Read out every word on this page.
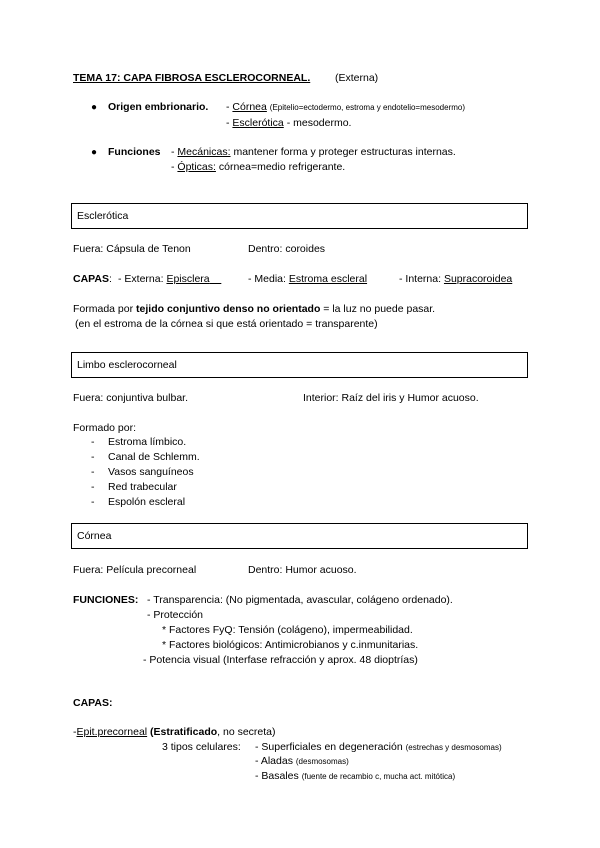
TEMA 17: CAPA FIBROSA ESCLEROCORNEAL. (Externa)
● Origen embrionario. - Córnea (Epitelio=ectodermo, estroma y endotelio=mesodermo)
- Esclerótica - mesodermo.
● Funciones - Mecánicas: mantener forma y proteger estructuras internas.
- Ópticas: córnea=medio refrigerante.
Esclerótica
Fuera: Cápsula de Tenon	Dentro: coroides
CAPAS: - Externa: Episclera	- Media: Estroma escleral	- Interna: Supracoroidea
Formada por tejido conjuntivo denso no orientado = la luz no puede pasar.
(en el estroma de la córnea si que está orientado = transparente)
Limbo esclerocorneal
Fuera: conjuntiva bulbar.	Interior: Raíz del iris y Humor acuoso.
Formado por:
- Estroma límbico.
- Canal de Schlemm.
- Vasos sanguíneos
- Red trabecular
- Espolón escleral
Córnea
Fuera: Película precorneal	Dentro: Humor acuoso.
FUNCIONES: - Transparencia: (No pigmentada, avascular, colágeno ordenado).
- Protección
* Factores FyQ: Tensión (colágeno), impermeabilidad.
* Factores biológicos: Antimicrobianos y c.inmunitarias.
- Potencia visual (Interfase refracción y aprox. 48 dioptrías)
CAPAS:
-Epit.precorneal (Estratificado, no secreta)
3 tipos celulares: - Superficiales en degeneración (estrechas y desmosomas)
- Aladas (desmosomas)
- Basales (fuente de recambio c, mucha act. mitótica)
